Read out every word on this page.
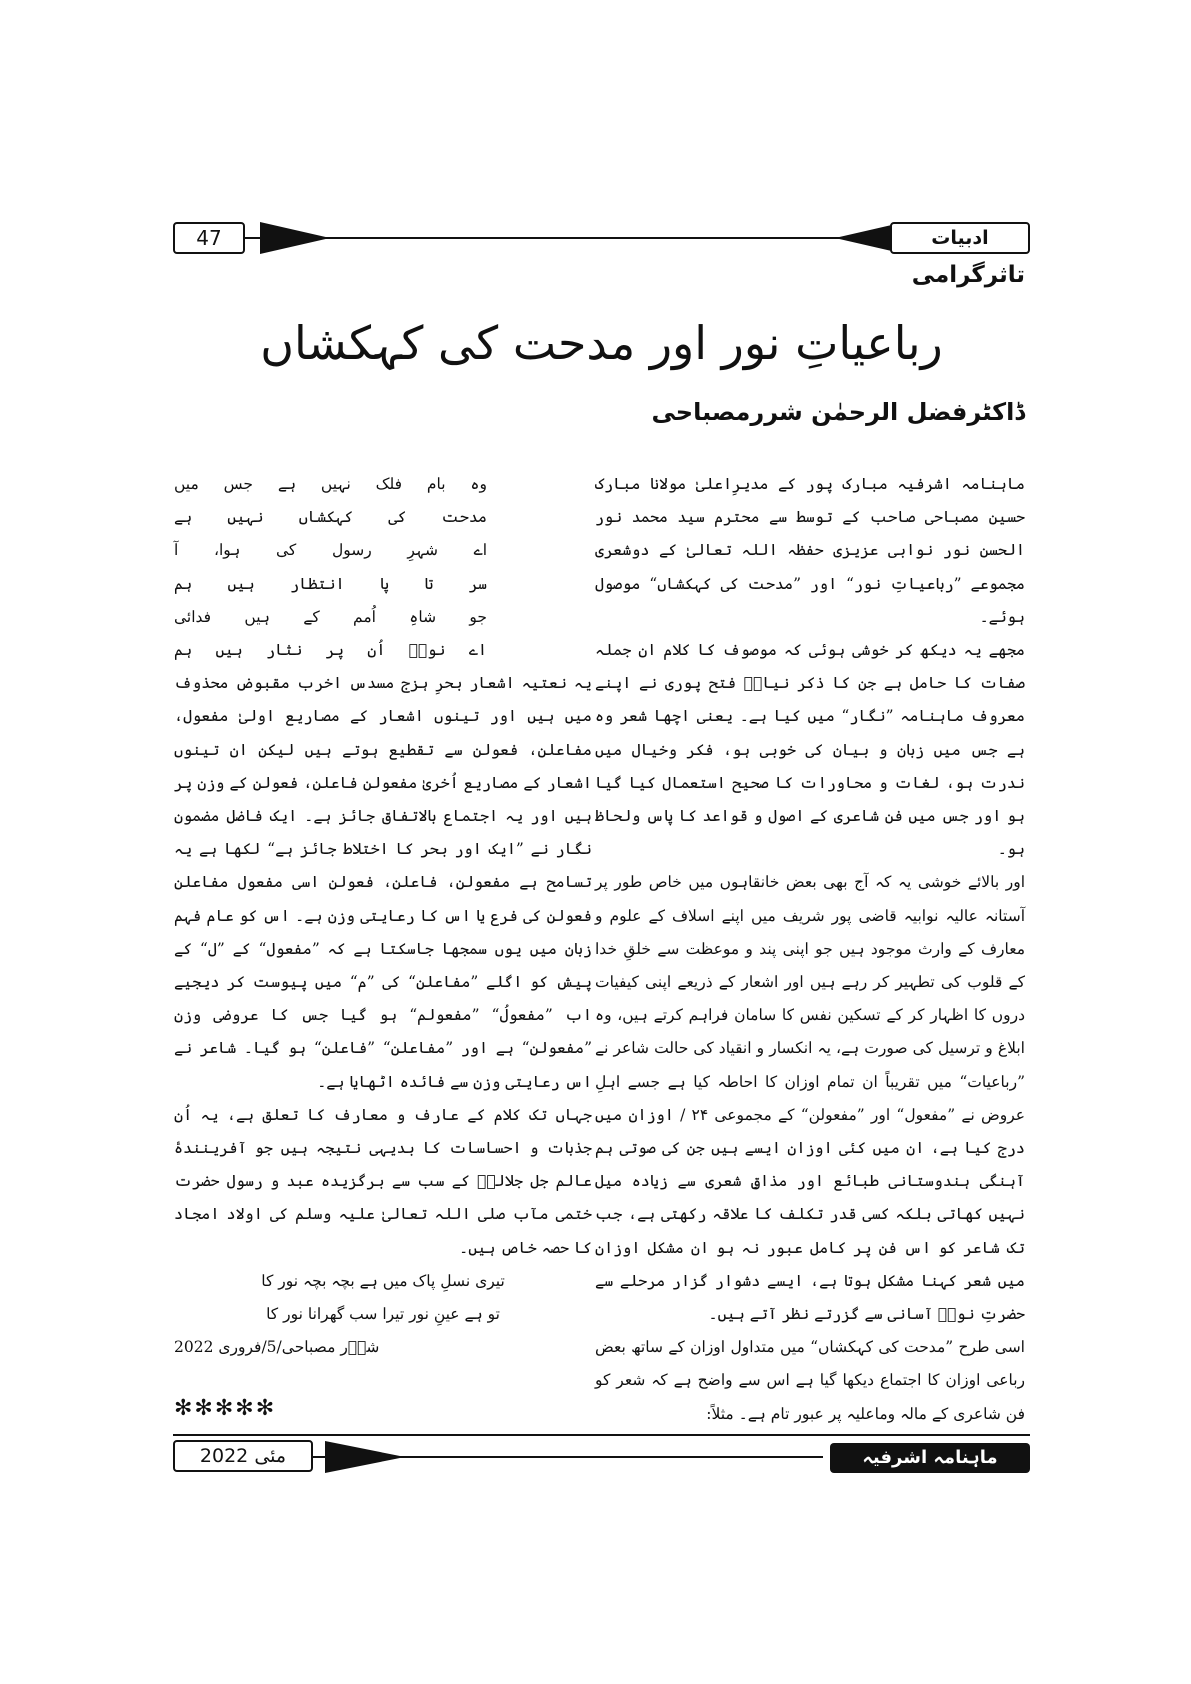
47	ادبیات
تاثرگرامی
رباعیاتِ نور اور مدحت کی کہکشاں
ڈاکٹرفضل الرحمٰن شررمصباحی

ماہنامہ اشرفیہ مبارک پور کے مدیرِاعلیٰ مولانا مبارک حسین مصباحی صاحب کے توسط سے محترم سید محمد نور الحسن نور نوابی عزیزی حفظہ اللہ تعالیٰ کے دوشعری مجموعے ”رباعیاتِ نور“ اور ”مدحت کی کہکشاں“ موصول ہوئے۔

مجھے یہ دیکھ کر خوشی ہوئی کہ موصوف کا کلام ان جملہ صفات کا حامل ہے جن کا ذکر نیازؔ فتح پوری نے اپنے معروف ماہنامہ ”نگار“ میں کیا ہے۔ یعنی اچھا شعر وہ ہے جس میں زبان و بیان کی خوبی ہو، فکر وخیال میں ندرت ہو، لغات و محاورات کا صحیح استعمال کیا گیا ہو اور جس میں فن شاعری کے اصول و قواعد کا پاس ولحاظ ہو۔

اور بالائے خوشی یہ کہ آج بھی بعض خانقاہوں میں خاص طور پر آستانہ عالیہ نوابیہ قاضی پور شریف میں اپنے اسلاف کے علوم و معارف کے وارث موجود ہیں جو اپنی پند و موعظت سے خلقِ خدا کے قلوب کی تطہیر کر رہے ہیں اور اشعار کے ذریعے اپنی کیفیات دروں کا اظہار کر کے تسکین نفس کا سامان فراہم کرتے ہیں، وہ ابلاغ و ترسیل کی صورت ہے، یہ انکسار و انقیاد کی حالت شاعر نے ”رباعیات“ میں تقریباً ان تمام اوزان کا احاطہ کیا ہے جسے اہلِ عروض نے ”مفعول“ اور ”مفعولن“ کے مجموعی ۲۴ / اوزان میں درج کیا ہے، ان میں کئی اوزان ایسے ہیں جن کی صوتی ہم آہنگی ہندوستانی طبائع اور مذاقِ شعری سے زیادہ میل نہیں کھاتی بلکہ کسی قدر تکلف کا علاقہ رکھتی ہے، جب تک شاعر کو اس فن پر کامل عبور نہ ہو ان مشکل اوزان میں شعر کہنا مشکل ہوتا ہے، ایسے دشوار گزار مرحلے سے حضرتِ نورؔ آسانی سے گزرتے نظر آتے ہیں۔

اسی طرح ”مدحت کی کہکشاں“ میں متداول اوزان کے ساتھ بعض رباعی اوزان کا اجتماع دیکھا گیا ہے اس سے واضح ہے کہ شعر کو فن شاعری کے مالہ وماعلیہ پر عبور تام ہے۔ مثلاً:

وہ بام فلک نہیں ہے جس میں

مدحت کی کہکشاں نہیں ہے

اے شہرِ رسول کی ہوا، آ

سر تا پا انتظار ہیں ہم

جو شاہِ اُمم کے ہیں فدائی

اے نورؔ اُن پر نثار ہیں ہم

یہ نعتیہ اشعار بحرِ ہزج مسدس اخرب مقبوض محذوف میں ہیں اور تینوں اشعار کے مصاریع اولیٰ مفعول، مفاعلن، فعولن سے تقطیع ہوتے ہیں لیکن ان تینوں اشعار کے مصاریع اُخریٰ مفعولن فاعلن، فعولن کے وزن پر ہیں اور یہ اجتماع بالاتفاق جائز ہے۔ ایک فاضل مضمون نگار نے ”ایک اور بحر کا اختلاط جائز ہے“ لکھا ہے یہ تسامح ہے مفعولن، فاعلن، فعولن اسی مفعول مفاعلن فعولن کی فرع یا اس کا رعایتی وزن ہے۔ اس کو عام فہم زبان میں یوں سمجھا جاسکتا ہے کہ ”مفعول“ کے ”ل“ کے پیش کو اگلے ”مفاعلن“ کی ”م“ میں پیوست کر دیجیے اب ”مفعولُ“ ”مفعولم“ ہو گیا جس کا عروضی وزن ”مفعولن“ ہے اور ”مفاعلن“ ”فاعلن“ ہو گیا۔ شاعر نے اس رعایتی وزن سے فائدہ اٹھایا ہے۔

جہاں تک کلام کے عارف و معارف کا تعلق ہے، یہ اُن جذبات و احساسات کا بدیہی نتیجہ ہیں جو آفرینندۂ عالم جل جلالہٗ کے سب سے برگزیدہ عبد و رسول حضرت ختمی مآب صلی اللہ تعالیٰ علیہ وسلم کی اولاد امجاد کا حصہ خاص ہیں۔

تیری نسلِ پاک میں ہے بچہ بچہ نور کا

تو ہے عینِ نور تیرا سب گھرانا نور کا

شرؔر مصباحی/5/فروری 2022

✻✻✻✻✻
مئی 2022	ماہنامہ اشرفیہ
